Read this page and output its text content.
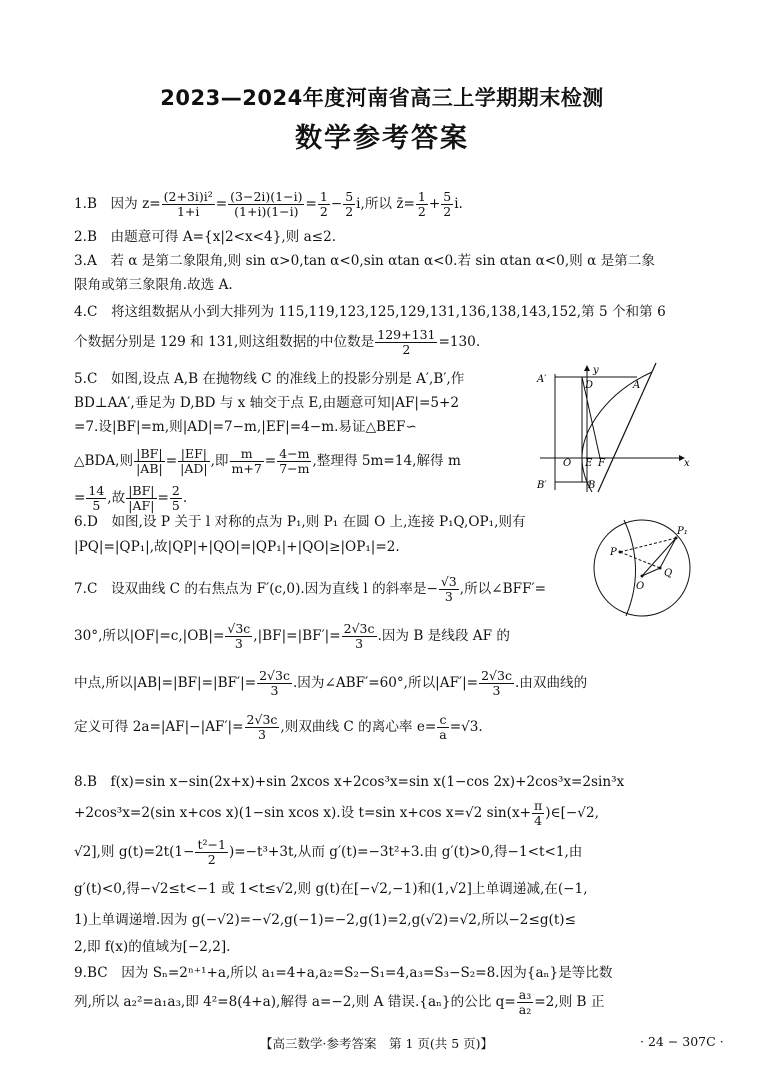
2023—2024年度河南省高三上学期期末检测
数学参考答案
1.B　因为 $z= \frac{\text{(2+3i)i²}}{1+i} = \frac{(3-2i)(1-i)}{(1+i)(1-i)} = \frac{1}{2} - \frac{5}{2} i$,所以 z̄= $\frac{1}{2} + \frac{5}{2} i$.
2.B　由题意可得 A={x|2<x<4},则 a≤2.
3.A　若 α 是第二象限角,则 sin α>0,tan α<0,sin αtan α<0.若 sin αtan α<0,则 α 是第二象
限角或第三象限角.故选 A.
4.C　将这组数据从小到大排列为 115,119,123,125,129,131,136,138,143,152,第 5 个和第 6
个数据分别是 129 和 131,则这组数据的中位数是 $\frac{129+131}{2} =130$.
5.C　如图,设点 A,B 在抛物线 C 的准线上的投影分别是 A′,B′,作
BD⊥AA′,垂足为 D,BD 与 x 轴交于点 E,由题意可知|AF|=5+2
=7.设|BF|=m,则|AD|=7−m,|EF|=4−m.易证△BEF∽
△BDA,则 $\frac{|BF|}{|AB|} = \frac{|EF|}{|AD|}$ ,即 $\frac{m}{m+7} = \frac{4-m}{7-m}$ ,整理得 5m=14,解得 m
= $\frac{14}{5}$ ,故 $\frac{|BF|}{|AF|} = \frac{2}{5}$ .
y
A′
D	A
O E F	x
B′	B
6.D　如图,设 P 关于 l 对称的点为 P₁,则 P₁ 在圆 O 上,连接 P₁Q,OP₁,则有
|PQ|=|QP₁|,故|QP|+|QO|=|QP₁|+|QO|≥|OP₁|=2.
P₁
P
Q
O
7.C　设双曲线 C 的右焦点为 F′(c,0).因为直线 l 的斜率是− $\frac{√3}{3}$ ,所以∠BFF′=
30°,所以$|OF|=c,|OB|= \frac{√3c}{3} ,|BF|=|BF'|= \frac{2√3c}{3}$ .因为 B 是线段 AF 的
中点,所以$|AB|=|BF|=|BF'|= \frac{2√3c}{3}$ .因为∠ABF′=60°,所以$|AF'|= \frac{2√3c}{3}$ .由双曲线的
定义可得 $2a=|AF|-|AF'|= \frac{2√3c}{3}$ ,则双曲线 C 的离心率 $e= \frac{c}{a} =√3$.
8.B　f(x)=sin x−sin(2x+x)+sin 2xcos x+2cos³x=sin x(1−cos 2x)+2cos³x=2sin³x
+2cos³x=2(sin x+cos x)(1−sin xcos x).设 t=sin x+cos x=√2 $\sin(x+ \frac{\pi}{4}$ )∈[−√2,
√2],则 $g(t)=2t(1- \frac{\text{t²−1}}{2} )=-t^3+3t$,从而 g′(t)=−3t²+3.由 g′(t)>0,得−1<t<1,由
g′(t)<0,得−√2≤t<−1 或 1<t≤√2,则 g(t)在[−√2,−1)和(1,√2]上单调递减,在(−1,
1)上单调递增.因为 g(−√2)=−√2,g(−1)=−2,g(1)=2,g(√2)=√2,所以−2≤g(t)≤
2,即 f(x)的值域为[−2,2].
9.BC　因为 Sₙ=2ⁿ⁺¹+a,所以 a₁=4+a,a₂=S₂−S₁=4,a₃=S₃−S₂=8.因为{aₙ}是等比数
列,所以 a₂²=a₁a₃,即 4²=8(4+a),解得 a=−2,则 A 错误.{aₙ}的公比 $q= \frac{\text{a₃}}{\text{a₂}} =2$,则 B 正
【高三数学·参考答案　第 1 页(共 5 页)】	· 24 − 307C ·
